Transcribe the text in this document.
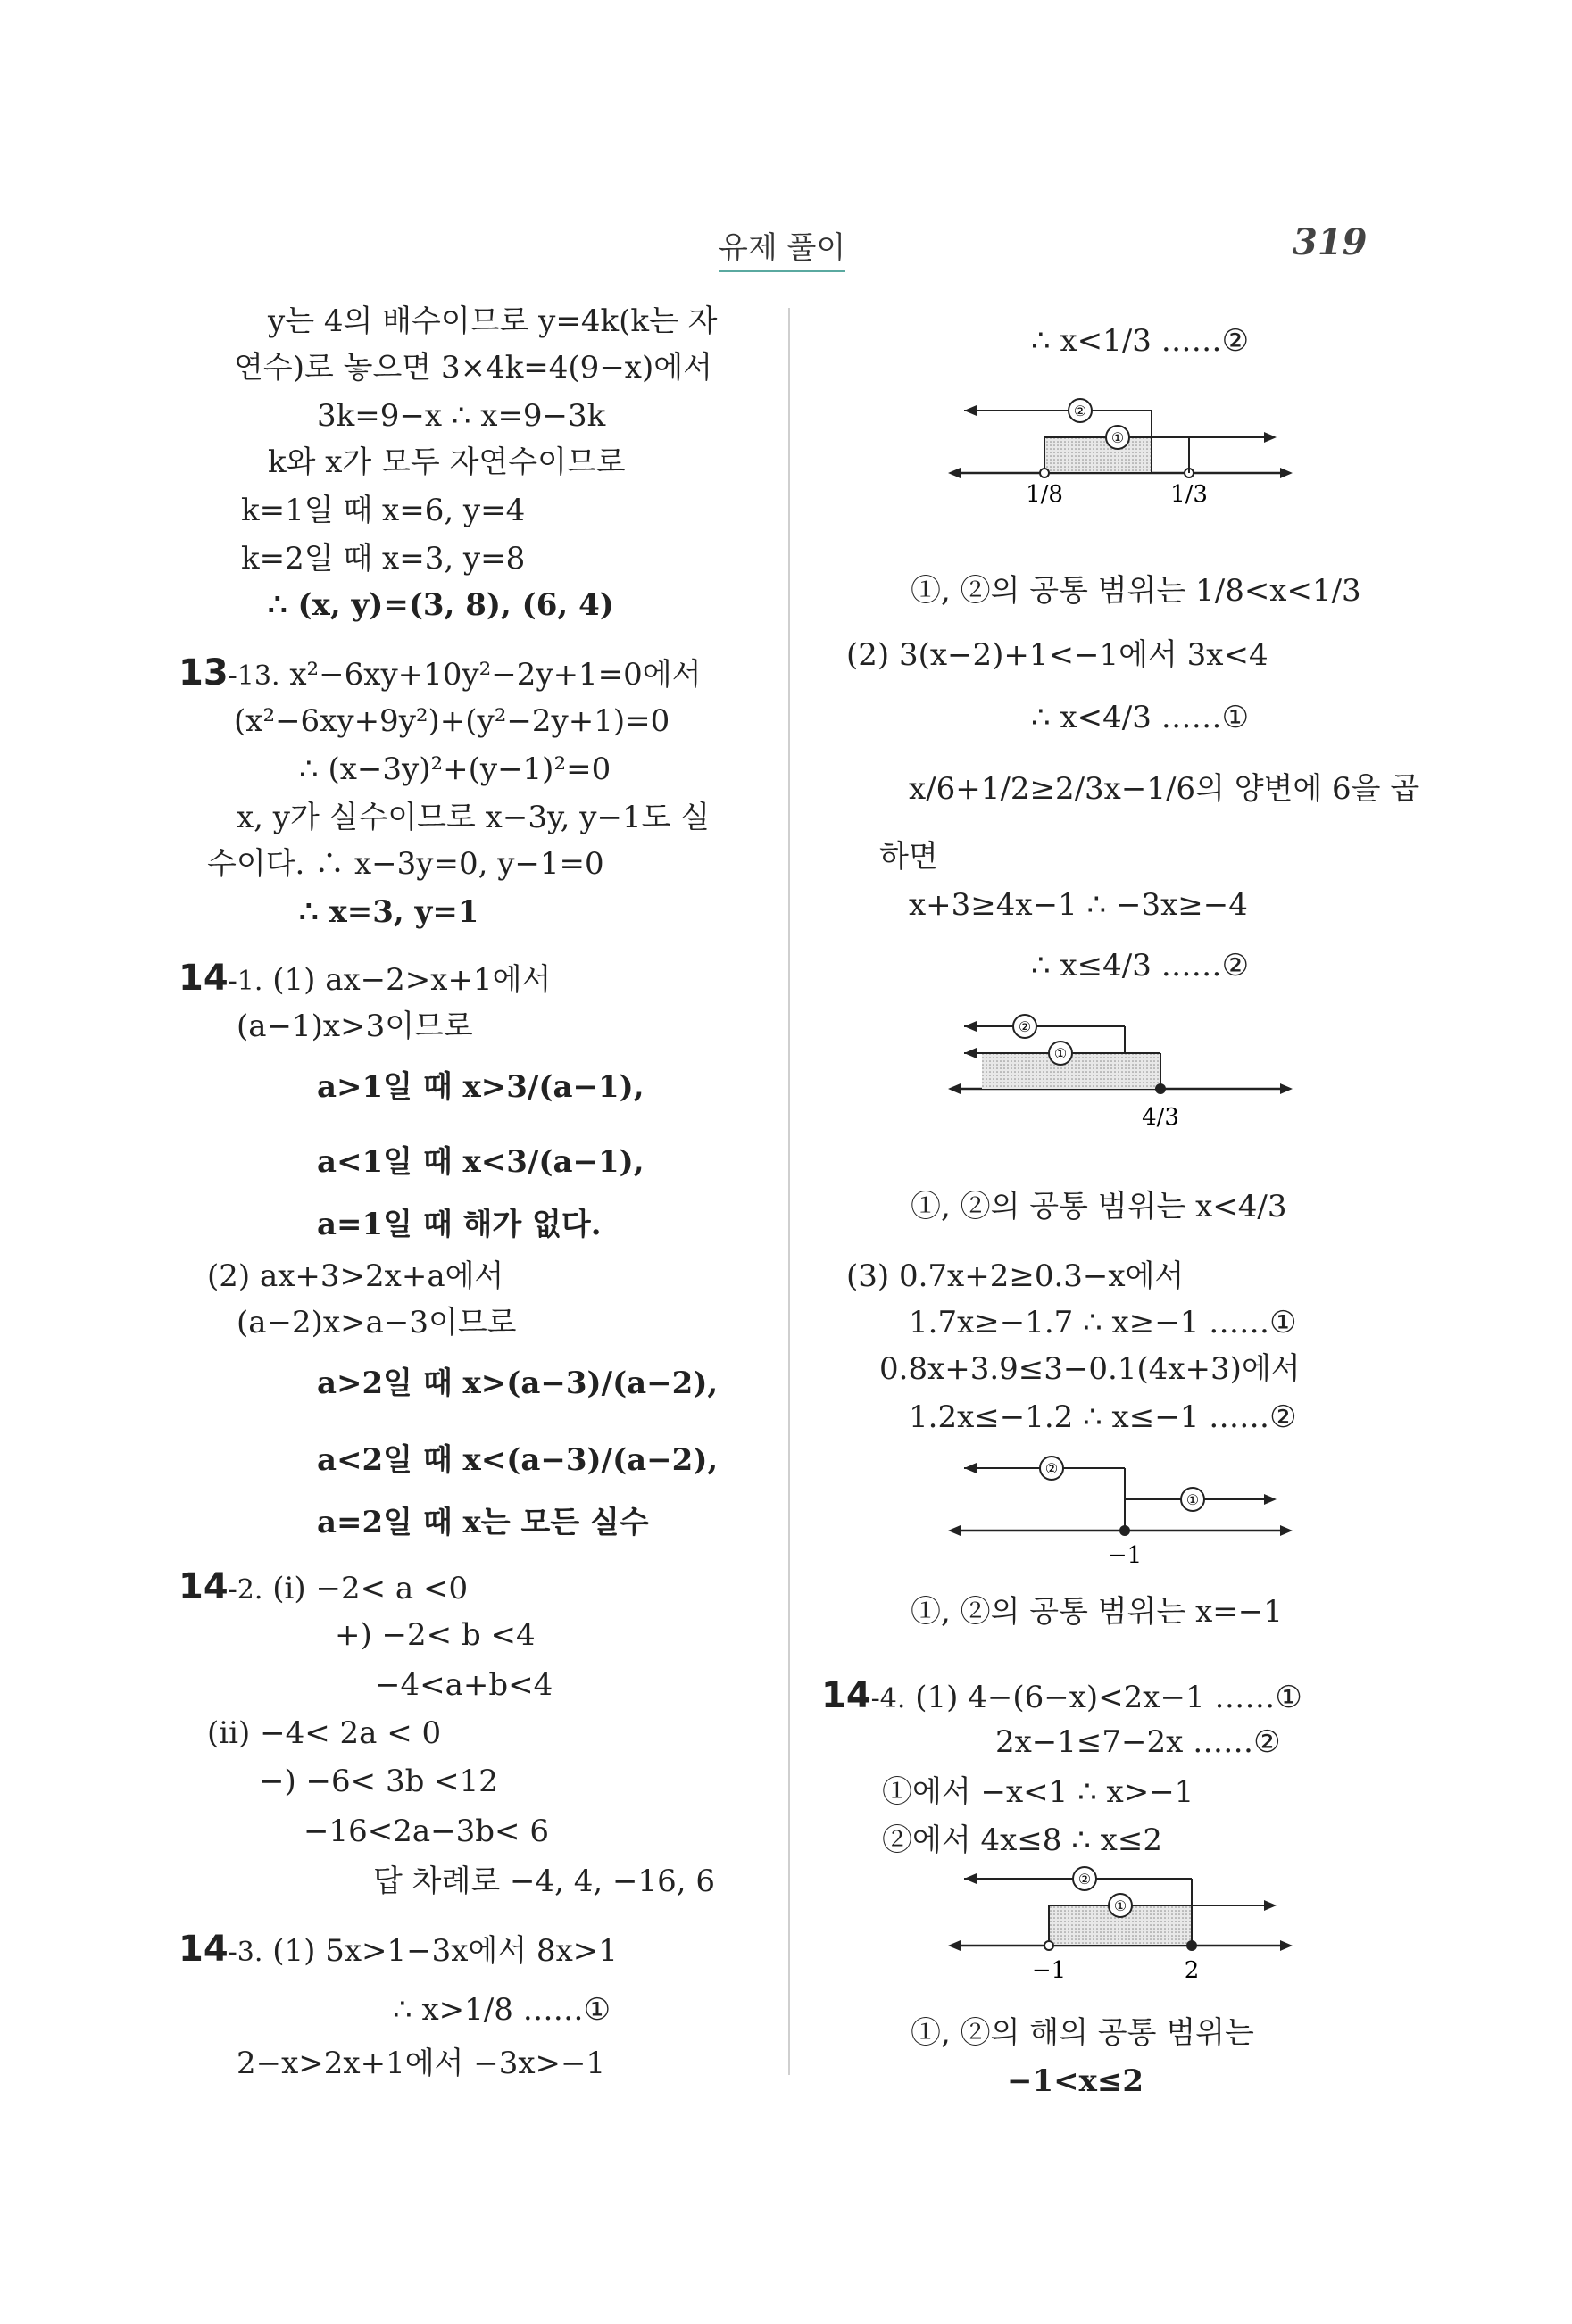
유제 풀이	319
y는 4의 배수이므로 y=4k(k는 자
연수)로 놓으면 3×4k=4(9−x)에서
3k=9−x ∴ x=9−3k
k와 x가 모두 자연수이므로
k=1일 때 x=6, y=4
k=2일 때 x=3, y=8
∴ (x, y)=(3, 8), (6, 4)
13-13. x²−6xy+10y²−2y+1=0에서
(x²−6xy+9y²)+(y²−2y+1)=0
∴ (x−3y)²+(y−1)²=0
x, y가 실수이므로 x−3y, y−1도 실
수이다. ∴ x−3y=0, y−1=0
∴ x=3, y=1
14-1. (1) ax−2>x+1에서
(a−1)x>3이므로
a>1일 때 x>3/(a−1),
a<1일 때 x<3/(a−1),
a=1일 때 해가 없다.
(2) ax+3>2x+a에서
(a−2)x>a−3이므로
a>2일 때 x>(a−3)/(a−2),
a<2일 때 x<(a−3)/(a−2),
a=2일 때 x는 모든 실수
14-2. (i) −2< a <0
+) −2< b <4
−4<a+b<4
(ii) −4< 2a < 0
−) −6< 3b <12
−16<2a−3b< 6
답 차례로 −4, 4, −16, 6
14-3. (1) 5x>1−3x에서 8x>1
∴ x>1/8 ……①
2−x>2x+1에서 −3x>−1
∴ x<1/3 ……②
①, ②의 공통 범위는 1/8<x<1/3
(2) 3(x−2)+1<−1에서 3x<4
∴ x<4/3 ……①
x/6+1/2≥2/3x−1/6의 양변에 6을 곱
하면
x+3≥4x−1 ∴ −3x≥−4
∴ x≤4/3 ……②
①, ②의 공통 범위는 x<4/3
(3) 0.7x+2≥0.3−x에서
1.7x≥−1.7 ∴ x≥−1 ……①
0.8x+3.9≤3−0.1(4x+3)에서
1.2x≤−1.2 ∴ x≤−1 ……②
①, ②의 공통 범위는 x=−1
14-4. (1) 4−(6−x)<2x−1 ……①
2x−1≤7−2x ……②
①에서 −x<1 ∴ x>−1
②에서 4x≤8 ∴ x≤2
①, ②의 해의 공통 범위는
−1<x≤2
②
①
1/8	1/3
②
①
4/3
②
①
−1
②
①
−1	2
